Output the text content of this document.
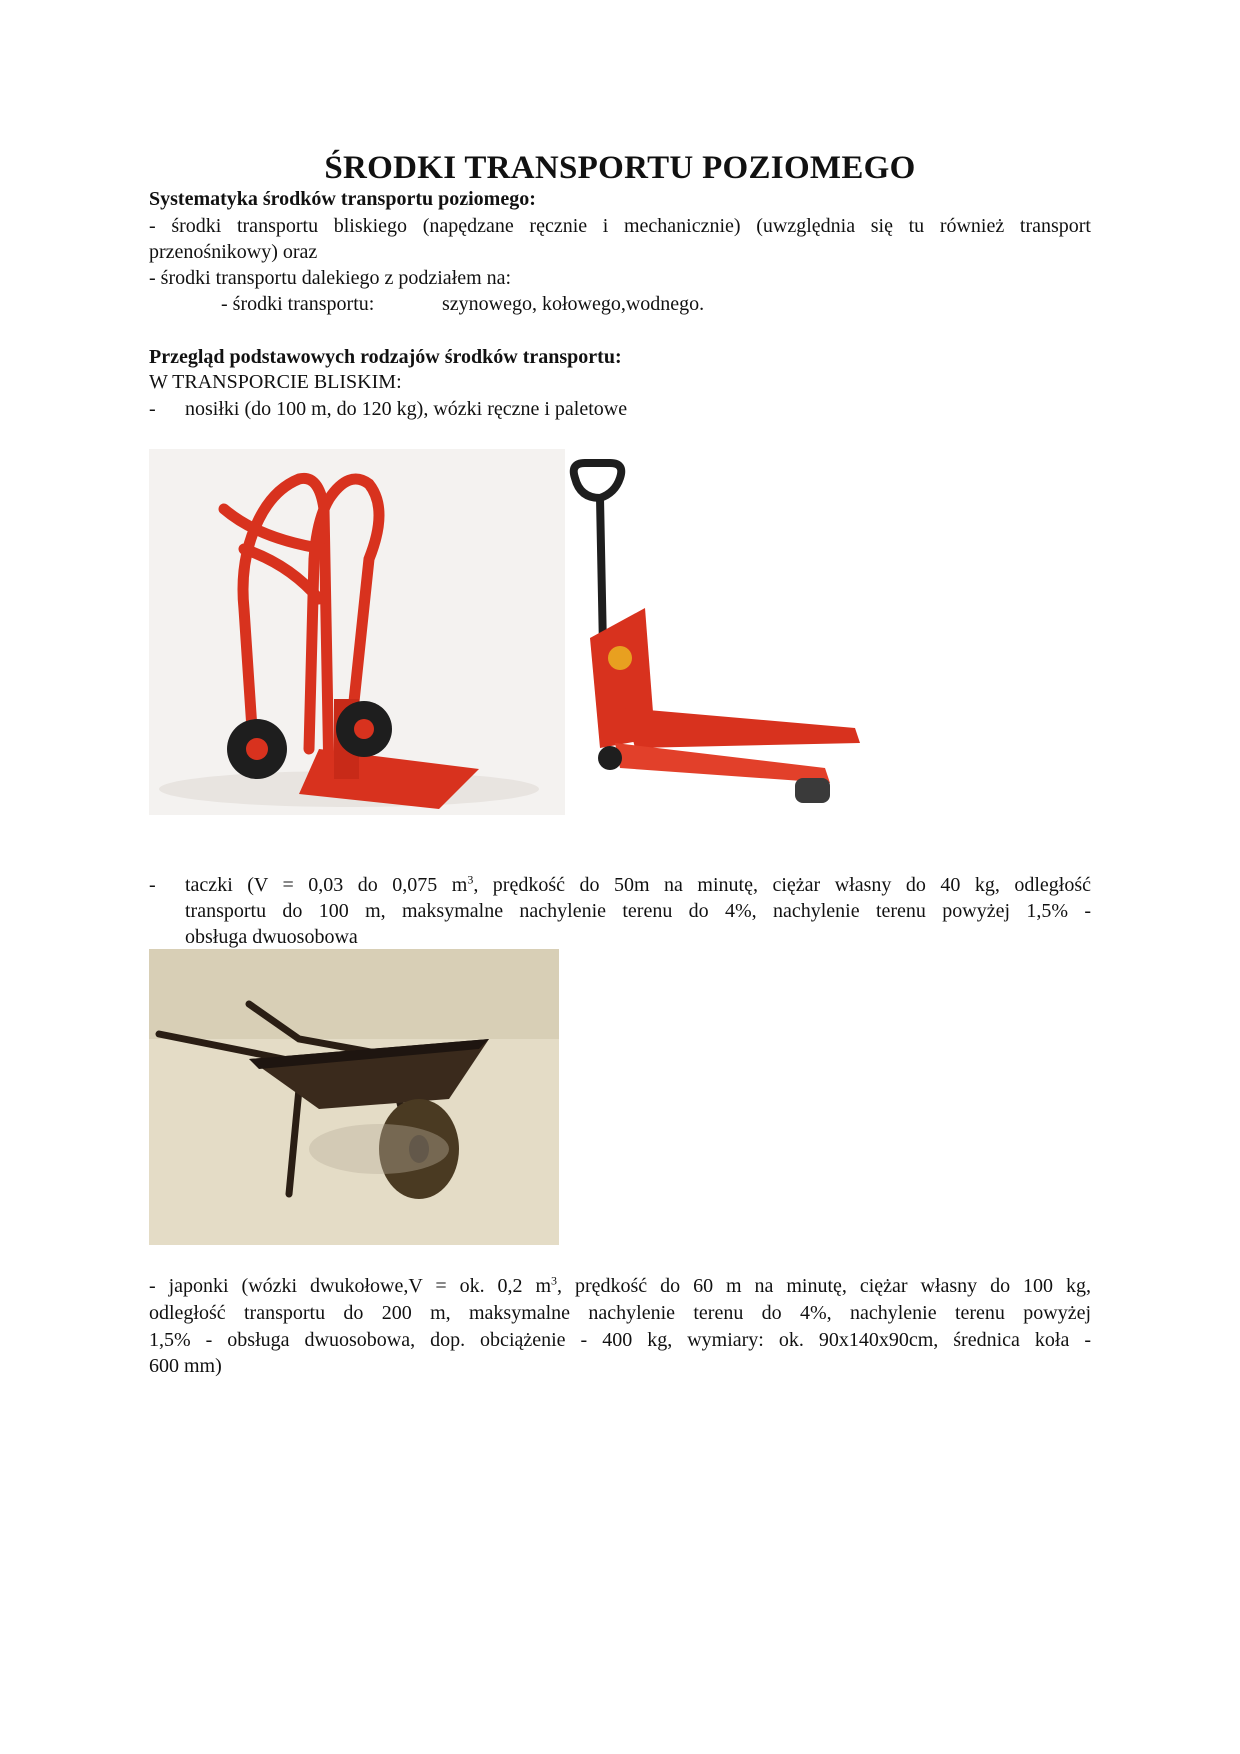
ŚRODKI TRANSPORTU POZIOMEGO
Systematyka środków transportu poziomego:
- środki transportu bliskiego (napędzane ręcznie i mechanicznie) (uwzględnia się tu również transport
przenośnikowy) oraz
- środki transportu dalekiego z podziałem na:
- środki transportu:	szynowego, kołowego,wodnego.
Przegląd podstawowych rodzajów środków transportu:
W TRANSPORCIE BLISKIM:
- nosiłki (do 100 m, do 120 kg), wózki ręczne i paletowe
- taczki (V = 0,03 do 0,075 $m^3$, prędkość do 50m na minutę, ciężar własny do 40 kg, odległość
transportu do 100 m, maksymalne nachylenie terenu do 4%, nachylenie terenu powyżej 1,5% -
obsługa dwuosobowa
- japonki (wózki dwukołowe,V = ok. 0,2 $m^3$, prędkość do 60 m na minutę, ciężar własny do 100 kg,
odległość transportu do 200 m, maksymalne nachylenie terenu do 4%, nachylenie terenu powyżej
1,5% - obsługa dwuosobowa, dop. obciążenie - 400 kg, wymiary: ok. 90x140x90cm, średnica koła -
600 mm)
